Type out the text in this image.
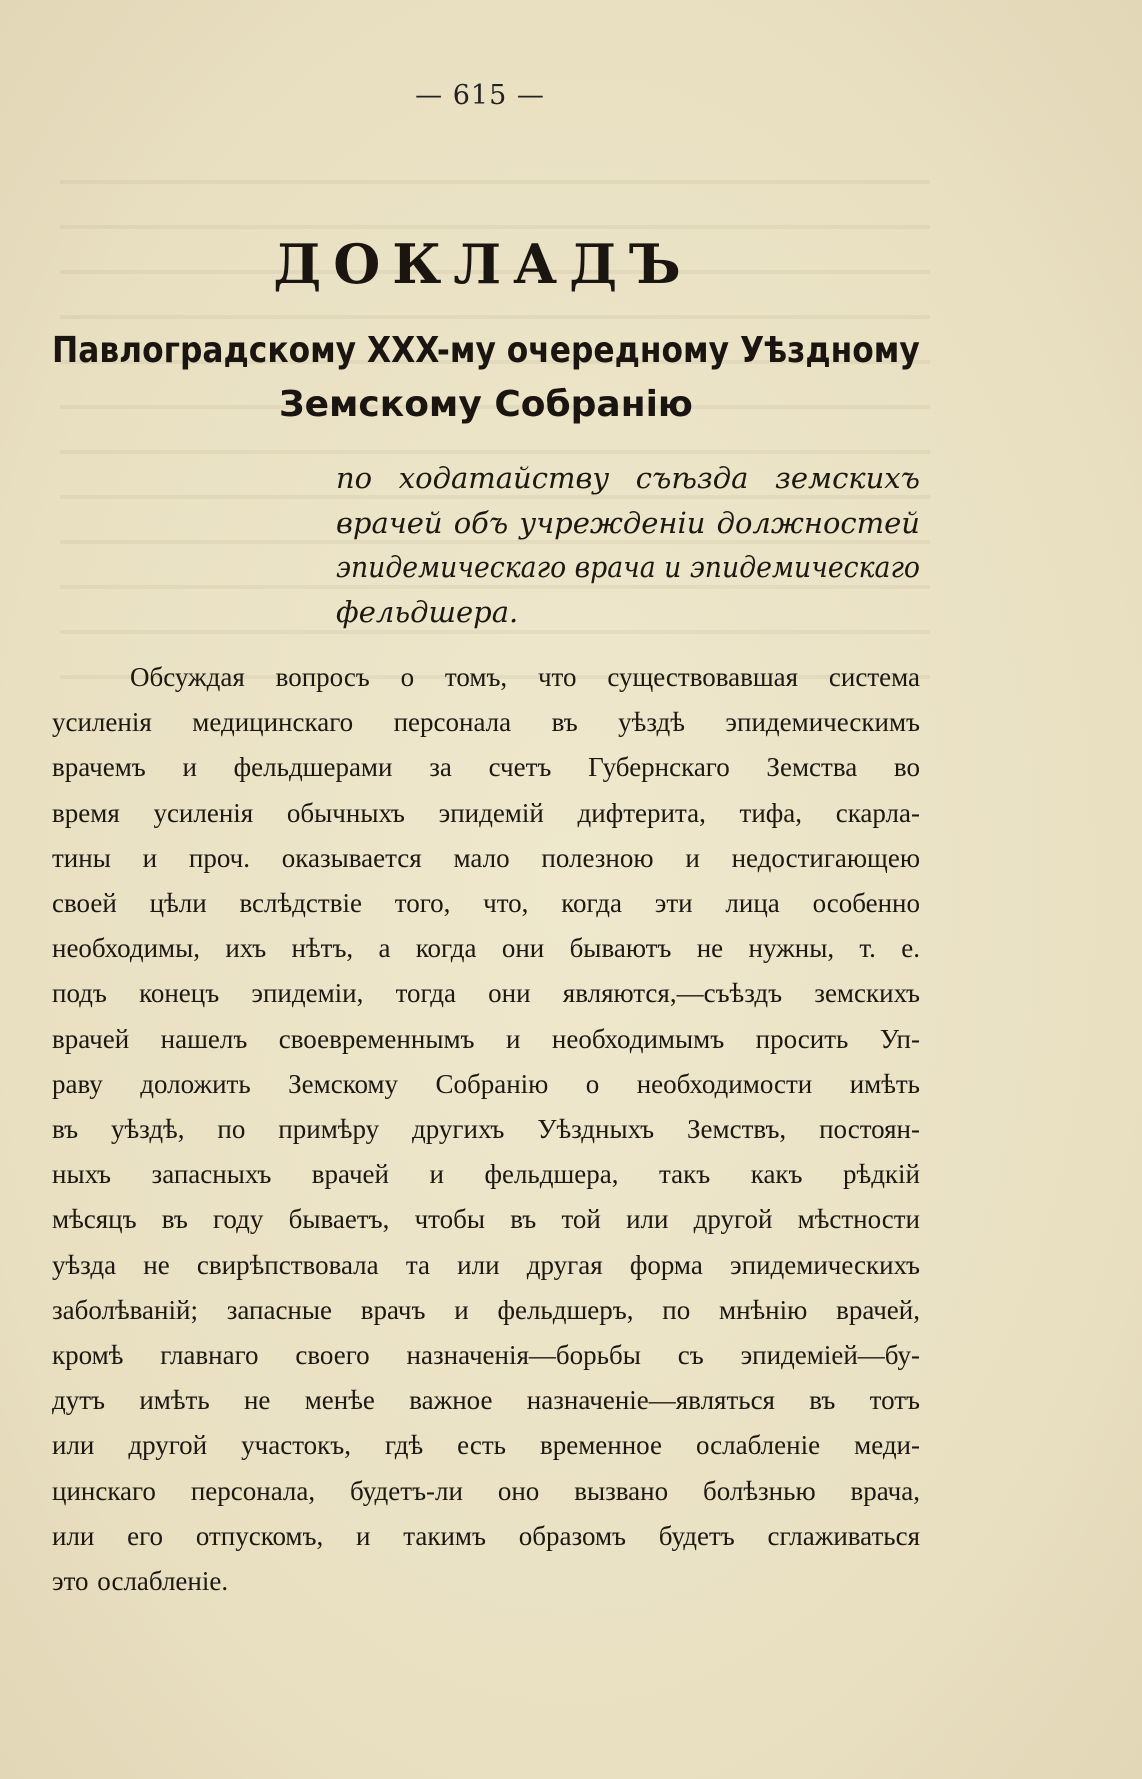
— 615 —
ДОКЛАДЪ
Павлоградскому XXX-му очередному Уѣздному
Земскому Собранію
по ходатайству съѣзда земскихъ
врачей объ учрежденіи должностей
эпидемическаго врача и эпидемическаго
фельдшера.
Обсуждая вопросъ о томъ, что существовавшая система
усиленія медицинскаго персонала въ уѣздѣ эпидемическимъ
врачемъ и фельдшерами за счетъ Губернскаго Земства во
время усиленія обычныхъ эпидемій дифтерита, тифа, скарла-
тины и проч. оказывается мало полезною и недостигающею
своей цѣли вслѣдствіе того, что, когда эти лица особенно
необходимы, ихъ нѣтъ, а когда они бываютъ не нужны, т. е.
подъ конецъ эпидеміи, тогда они являются,—съѣздъ земскихъ
врачей нашелъ своевременнымъ и необходимымъ просить Уп-
раву доложить Земскому Собранію о необходимости имѣть
въ уѣздѣ, по примѣру другихъ Уѣздныхъ Земствъ, постоян-
ныхъ запасныхъ врачей и фельдшера, такъ какъ рѣдкій
мѣсяцъ въ году бываетъ, чтобы въ той или другой мѣстности
уѣзда не свирѣпствовала та или другая форма эпидемическихъ
заболѣваній; запасные врачъ и фельдшеръ, по мнѣнію врачей,
кромѣ главнаго своего назначенія—борьбы съ эпидеміей—бу-
дутъ имѣть не менѣе важное назначеніе—являться въ тотъ
или другой участокъ, гдѣ есть временное ослабленіе меди-
цинскаго персонала, будетъ-ли оно вызвано болѣзнью врача,
или его отпускомъ, и такимъ образомъ будетъ сглаживаться
это ослабленіе.
